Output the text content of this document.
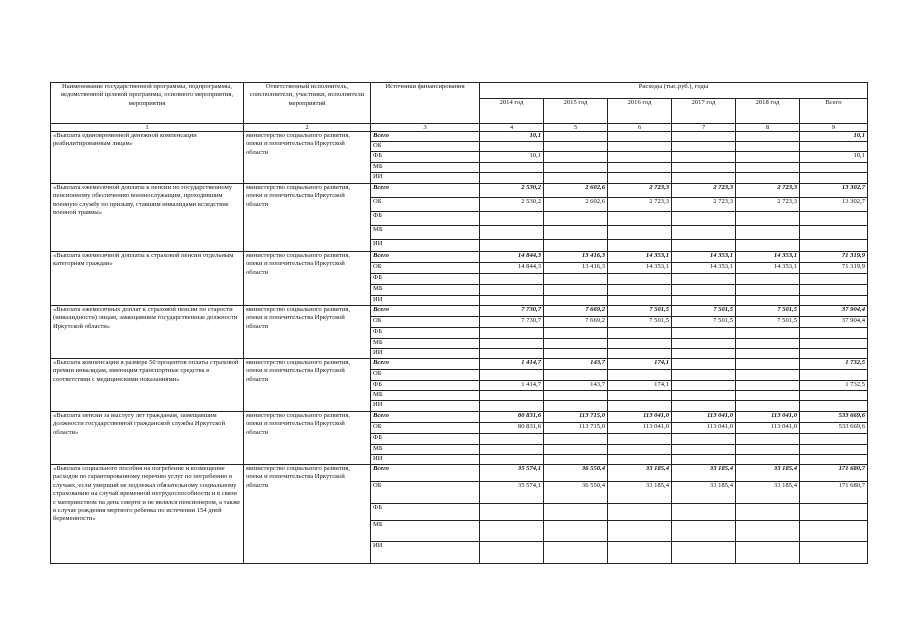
Наименование государственной программы, подпрограммы, ведомственной целевой программы, основного мероприятия, мероприятия	Ответственный исполнитель, соисполнители, участники, исполнители мероприятий	Источники финансирования	Расходы (тыс.руб.), годы					
			2014 год	2015 год	2016 год	2017 год	2018 год	Всего
1	2	3	4	5	6	7	8	9
«Выплата единовременной денежной компенсации реабилитированным лицам»	министерство социального развития, опеки и попечительства Иркутской области	Всего	10,1					10,1
		ОБ						
		ФБ	10,1					10,1
		МБ						
		ИИ						
«Выплата ежемесячной доплаты к пенсии по государственному пенсионному обеспечению военнослужащим, проходившим военную службу по призыву, ставшим инвалидами вследствие военной травмы»	министерство социального развития, опеки и попечительства Иркутской области	Всего	2 530,2	2 602,6	2 723,3	2 723,3	2 723,3	13 302,7
		ОБ	2 530,2	2 602,6	2 723,3	2 723,3	2 723,3	13 302,7
		ФБ						
		МБ						
		ИИ						
«Выплата ежемесячной доплаты к страховой пенсии отдельным категориям граждан»	министерство социального развития, опеки и попечительства Иркутской области	Всего	14 844,3	13 416,3	14 353,1	14 353,1	14 353,1	71 319,9
		ОБ	14 844,3	13 416,3	14 353,1	14 353,1	14 353,1	71 319,9
		ФБ						
		МБ						
		ИИ						
«Выплата ежемесячных доплат к страховой пенсии по старости (инвалидности) лицам, замещавшим государственные должности Иркутской области»	министерство социального развития, опеки и попечительства Иркутской области	Всего	7 730,7	7 669,2	7 501,5	7 501,5	7 501,5	37 904,4
		ОБ	7 730,7	7 669,2	7 501,5	7 501,5	7 501,5	37 904,4
		ФБ						
		МБ						
		ИИ						
«Выплата компенсации в размере 50 процентов оплаты страховой премии инвалидам, имеющим транспортные средства в соответствии с медицинскими показаниями»	министерство социального развития, опеки и попечительства Иркутской области	Всего	1 414,7	143,7	174,1			1 732,5
		ОБ						
		ФБ	1 414,7	143,7	174,1			1 732,5
		МБ						
		ИИ						
«Выплата пенсии за выслугу лет гражданам, замещавшим должности государственной гражданской службы Иркутской области»	министерство социального развития, опеки и попечительства Иркутской области	Всего	80 831,6	113 715,0	113 041,0	113 041,0	113 041,0	533 669,6
		ОБ	80 831,6	113 715,0	113 041,0	113 041,0	113 041,0	533 669,6
		ФБ						
		МБ						
		ИИ						
«Выплата социального пособия на погребение и возмещение расходов по гарантированному перечню услуг по погребению в случаях, если умерший не подлежал обязательному социальному страхованию на случай временной нетрудоспособности и в связи с материнством на день смерти и не являлся пенсионером, а также в случае рождения мертвого ребенка по истечении 154 дней беременности»	министерство социального развития, опеки и попечительства Иркутской области	Всего	35 574,1	36 550,4	33 185,4	33 185,4	33 185,4	171 680,7
		ОБ	35 574,1	36 550,4	33 185,4	33 185,4	33 185,4	171 680,7
		ФБ						
		МБ						
		ИИ						
